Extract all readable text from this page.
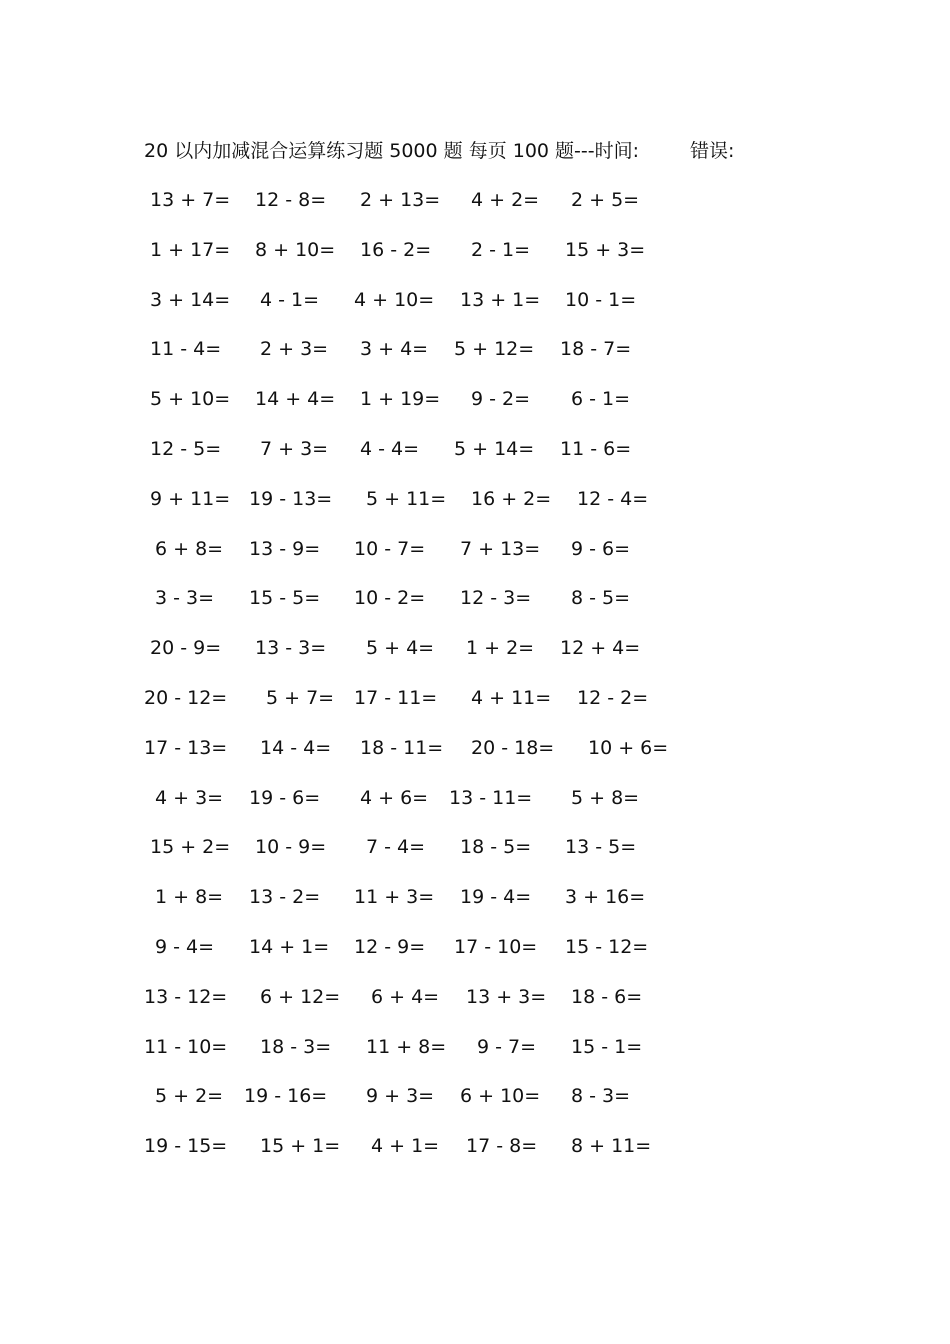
20 以内加减混合运算练习题 5000 题 每页 100 题---时间:	错误:
13 + 7= 12 - 8= 2 + 13= 4 + 2= 2 + 5=
1 + 17= 8 + 10= 16 - 2= 2 - 1= 15 + 3=
3 + 14= 4 - 1= 4 + 10= 13 + 1= 10 - 1=
11 - 4= 2 + 3= 3 + 4= 5 + 12= 18 - 7=
5 + 10= 14 + 4= 1 + 19= 9 - 2= 6 - 1=
12 - 5= 7 + 3= 4 - 4= 5 + 14= 11 - 6=
9 + 11= 19 - 13= 5 + 11= 16 + 2= 12 - 4=
6 + 8= 13 - 9= 10 - 7= 7 + 13= 9 - 6=
3 - 3= 15 - 5= 10 - 2= 12 - 3= 8 - 5=
20 - 9= 13 - 3= 5 + 4= 1 + 2= 12 + 4=
20 - 12= 5 + 7= 17 - 11= 4 + 11= 12 - 2=
17 - 13= 14 - 4= 18 - 11= 20 - 18= 10 + 6=
4 + 3= 19 - 6= 4 + 6= 13 - 11= 5 + 8=
15 + 2= 10 - 9= 7 - 4= 18 - 5= 13 - 5=
1 + 8= 13 - 2= 11 + 3= 19 - 4= 3 + 16=
9 - 4= 14 + 1= 12 - 9= 17 - 10= 15 - 12=
13 - 12= 6 + 12= 6 + 4= 13 + 3= 18 - 6=
11 - 10= 18 - 3= 11 + 8= 9 - 7= 15 - 1=
5 + 2= 19 - 16= 9 + 3= 6 + 10= 8 - 3=
19 - 15= 15 + 1= 4 + 1= 17 - 8= 8 + 11=
